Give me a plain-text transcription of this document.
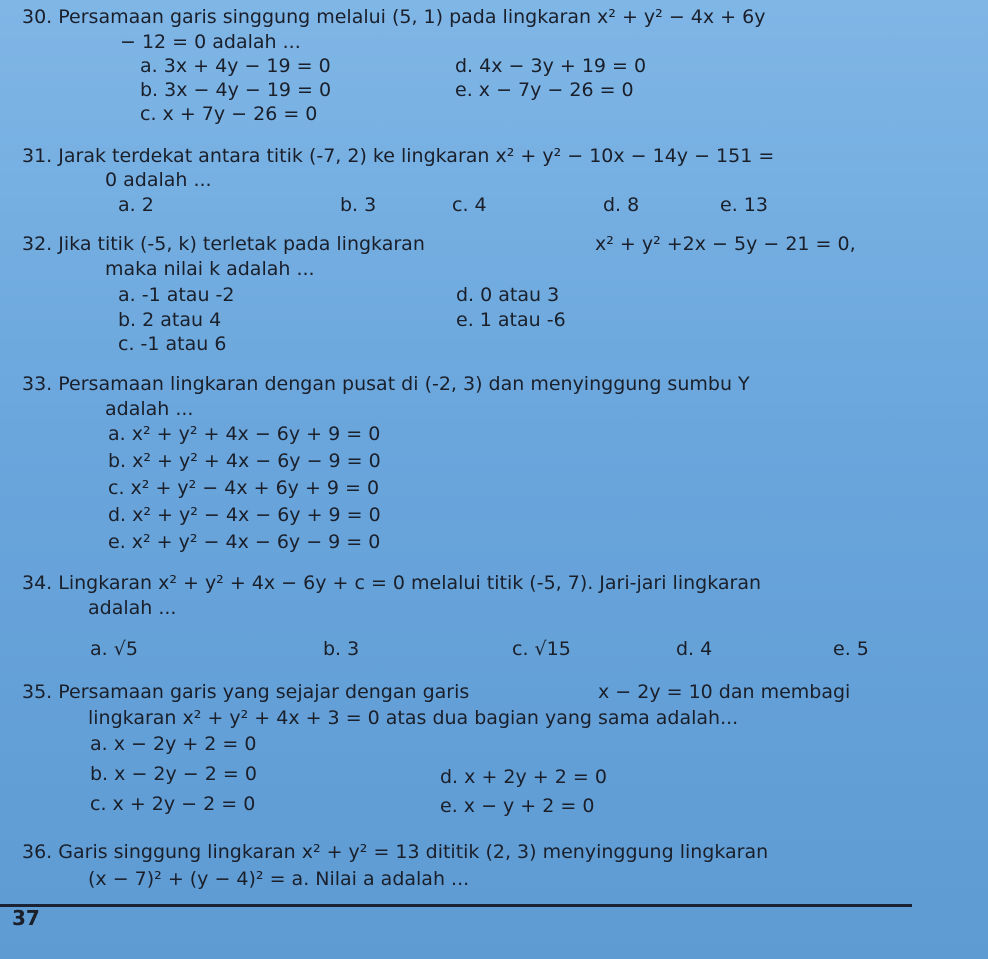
30. Persamaan garis singgung melalui (5, 1) pada lingkaran x² + y² − 4x + 6y
− 12 = 0 adalah ...
a. 3x + 4y − 19 = 0
b. 3x − 4y − 19 = 0
c. x + 7y − 26 = 0
d. 4x − 3y + 19 = 0
e. x − 7y − 26 = 0
31. Jarak terdekat antara titik (-7, 2) ke lingkaran x² + y² − 10x − 14y − 151 =
0 adalah ...
a. 2	b. 3	c. 4	d. 8	e. 13
32. Jika titik (-5, k) terletak pada lingkaran	x² + y² +2x − 5y − 21 = 0,
maka nilai k adalah ...
a. -1 atau -2
b. 2 atau 4
c. -1 atau 6
d. 0 atau 3
e. 1 atau -6
33. Persamaan lingkaran dengan pusat di (-2, 3) dan menyinggung sumbu Y
adalah ...
a. x² + y² + 4x − 6y + 9 = 0
b. x² + y² + 4x − 6y − 9 = 0
c. x² + y² − 4x + 6y + 9 = 0
d. x² + y² − 4x − 6y + 9 = 0
e. x² + y² − 4x − 6y − 9 = 0
34. Lingkaran x² + y² + 4x − 6y + c = 0 melalui titik (-5, 7). Jari-jari lingkaran
adalah ...
a. √5	b. 3	c. √15	d. 4	e. 5
35. Persamaan garis yang sejajar dengan garis	x − 2y = 10 dan membagi
lingkaran x² + y² + 4x + 3 = 0 atas dua bagian yang sama adalah...
a. x − 2y + 2 = 0
b. x − 2y − 2 = 0
c. x + 2y − 2 = 0
d. x + 2y + 2 = 0
e. x − y + 2 = 0
36. Garis singgung lingkaran x² + y² = 13 dititik (2, 3) menyinggung lingkaran
(x − 7)² + (y − 4)² = a. Nilai a adalah ...
37
